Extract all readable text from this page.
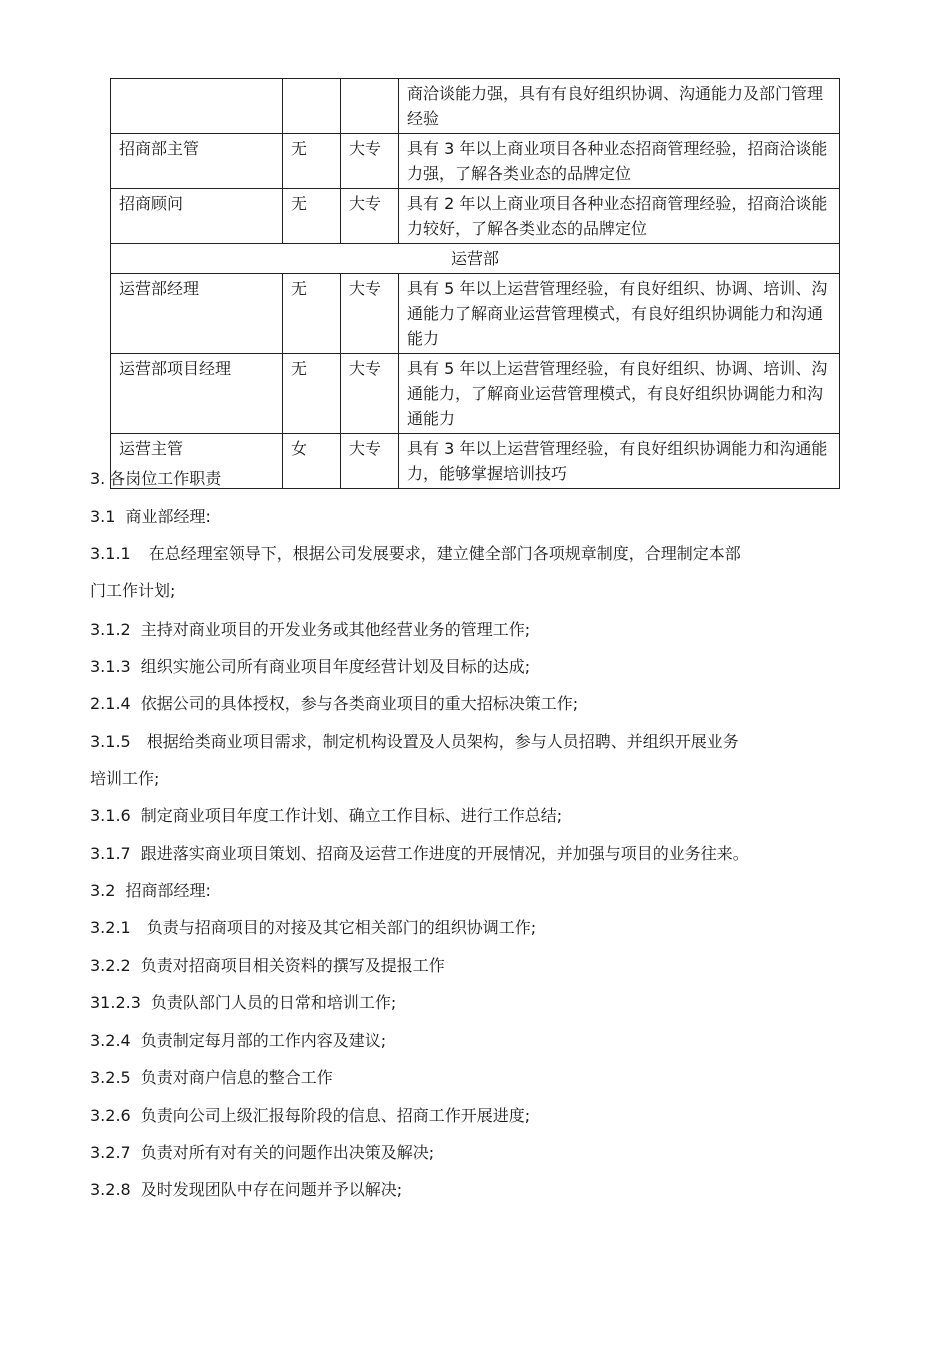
			商洽谈能力强，具有有良好组织协调、沟通能力及部门管理经验
招商部主管	无	大专	具有 3 年以上商业项目各种业态招商管理经验，招商洽谈能力强，了解各类业态的品牌定位
招商顾问	无	大专	具有 2 年以上商业项目各种业态招商管理经验，招商洽谈能力较好，了解各类业态的品牌定位
运营部			
运营部经理	无	大专	具有 5 年以上运营管理经验，有良好组织、协调、培训、沟通能力了解商业运营管理模式，有良好组织协调能力和沟通能力
运营部项目经理	无	大专	具有 5 年以上运营管理经验，有良好组织、协调、培训、沟通能力，了解商业运营管理模式，有良好组织协调能力和沟通能力
运营主管	女	大专	具有 3 年以上运营管理经验，有良好组织协调能力和沟通能力，能够掌握培训技巧
3. 各岗位工作职责
3.1 商业部经理:
3.1.1 在总经理室领导下，根据公司发展要求，建立健全部门各项规章制度，合理制定本部
门工作计划;
3.1.2 主持对商业项目的开发业务或其他经营业务的管理工作;
3.1.3 组织实施公司所有商业项目年度经营计划及目标的达成;
2.1.4 依据公司的具体授权，参与各类商业项目的重大招标决策工作;
3.1.5 根据给类商业项目需求，制定机构设置及人员架构，参与人员招聘、并组织开展业务
培训工作;
3.1.6 制定商业项目年度工作计划、确立工作目标、进行工作总结;
3.1.7 跟进落实商业项目策划、招商及运营工作进度的开展情况，并加强与项目的业务往来。
3.2 招商部经理:
3.2.1 负责与招商项目的对接及其它相关部门的组织协调工作;
3.2.2 负责对招商项目相关资料的撰写及提报工作
31.2.3 负责队部门人员的日常和培训工作;
3.2.4 负责制定每月部的工作内容及建议;
3.2.5 负责对商户信息的整合工作
3.2.6 负责向公司上级汇报每阶段的信息、招商工作开展进度;
3.2.7 负责对所有对有关的问题作出决策及解决;
3.2.8 及时发现团队中存在问题并予以解决;
